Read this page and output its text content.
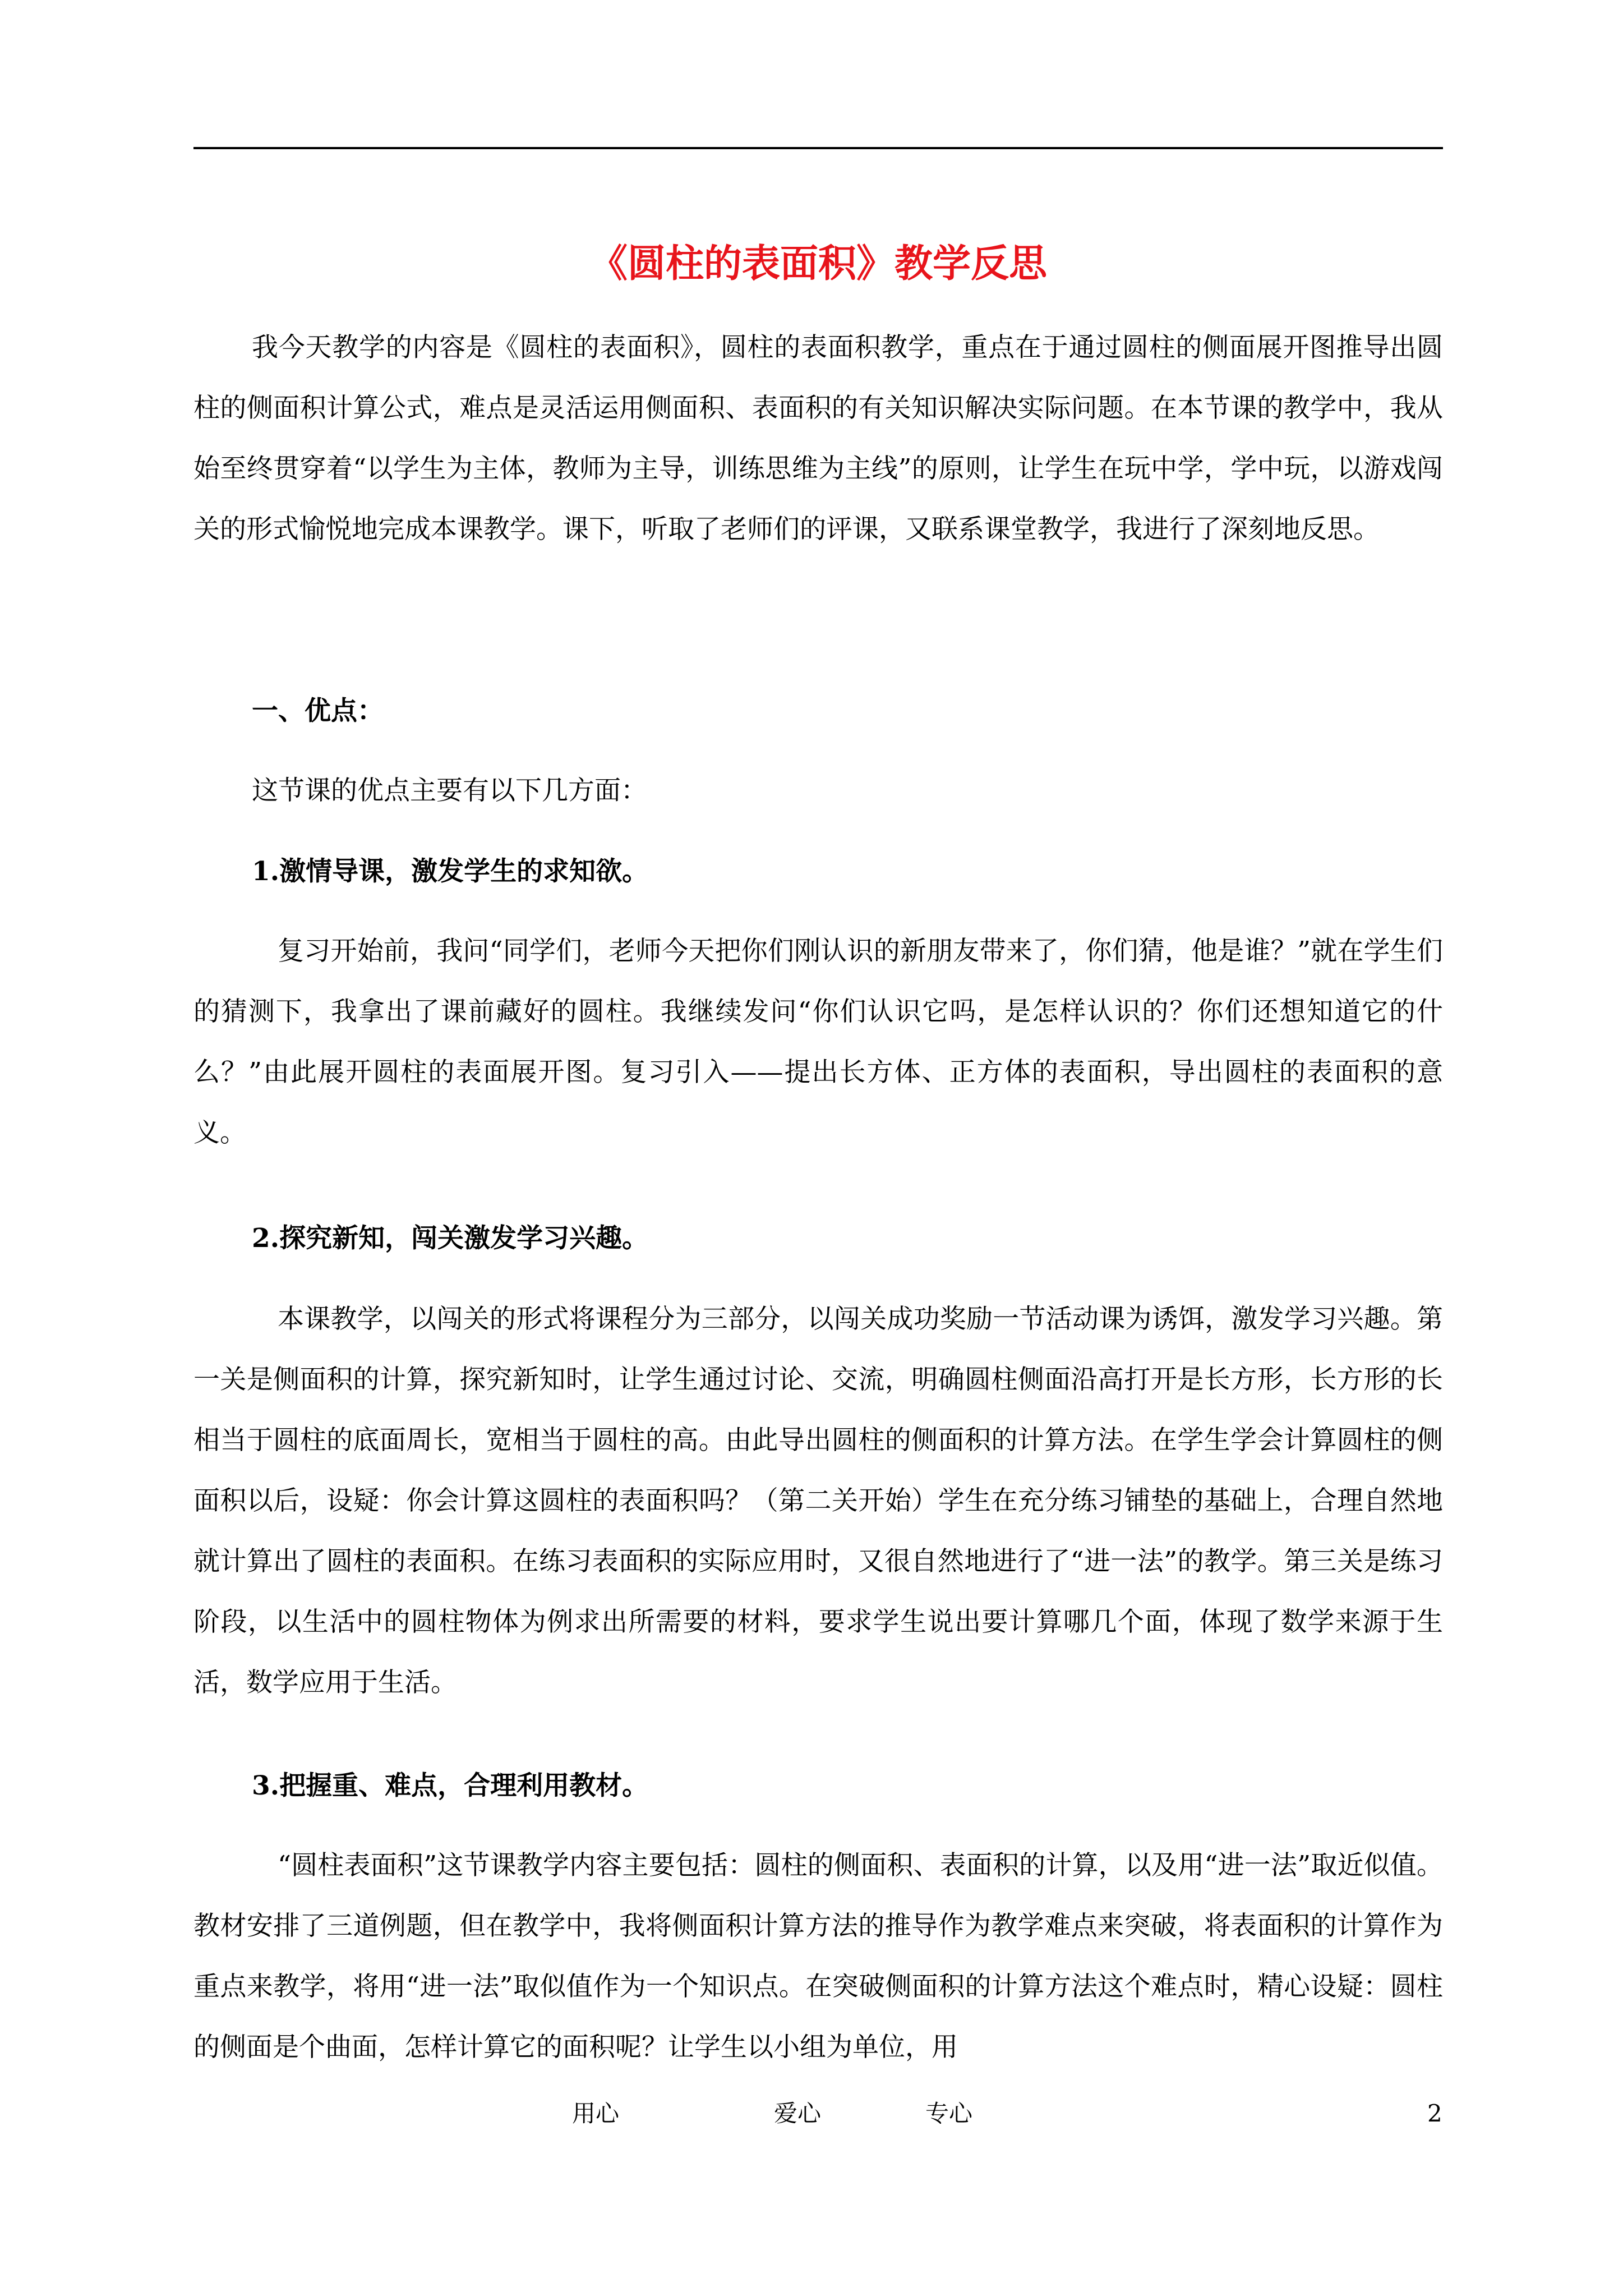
《圆柱的表面积》教学反思

我今天教学的内容是《圆柱的表面积》，圆柱的表面积教学，重点在于通过圆柱的侧面展开图推导出圆柱的侧面积计算公式，难点是灵活运用侧面积、表面积的有关知识解决实际问题。在本节课的教学中，我从始至终贯穿着“以学生为主体，教师为主导，训练思维为主线”的原则，让学生在玩中学，学中玩，以游戏闯关的形式愉悦地完成本课教学。课下，听取了老师们的评课，又联系课堂教学，我进行了深刻地反思。

一、优点：

这节课的优点主要有以下几方面：

1.激情导课，激发学生的求知欲。

复习开始前，我问“同学们，老师今天把你们刚认识的新朋友带来了，你们猜，他是谁？”就在学生们的猜测下，我拿出了课前藏好的圆柱。我继续发问“你们认识它吗，是怎样认识的？你们还想知道它的什么？”由此展开圆柱的表面展开图。复习引入——提出长方体、正方体的表面积，导出圆柱的表面积的意义。

2.探究新知，闯关激发学习兴趣。

本课教学，以闯关的形式将课程分为三部分，以闯关成功奖励一节活动课为诱饵，激发学习兴趣。第一关是侧面积的计算，探究新知时，让学生通过讨论、交流，明确圆柱侧面沿高打开是长方形，长方形的长相当于圆柱的底面周长，宽相当于圆柱的高。由此导出圆柱的侧面积的计算方法。在学生学会计算圆柱的侧面积以后，设疑：你会计算这圆柱的表面积吗？（第二关开始）学生在充分练习铺垫的基础上，合理自然地就计算出了圆柱的表面积。在练习表面积的实际应用时，又很自然地进行了“进一法”的教学。第三关是练习阶段，以生活中的圆柱物体为例求出所需要的材料，要求学生说出要计算哪几个面，体现了数学来源于生活，数学应用于生活。

3.把握重、难点，合理利用教材。

“圆柱表面积”这节课教学内容主要包括：圆柱的侧面积、表面积的计算，以及用“进一法”取近似值。教材安排了三道例题，但在教学中，我将侧面积计算方法的推导作为教学难点来突破，将表面积的计算作为重点来教学，将用“进一法”取似值作为一个知识点。在突破侧面积的计算方法这个难点时，精心设疑：圆柱的侧面是个曲面，怎样计算它的面积呢？让学生以小组为单位，用

用心	爱心	专心	2
